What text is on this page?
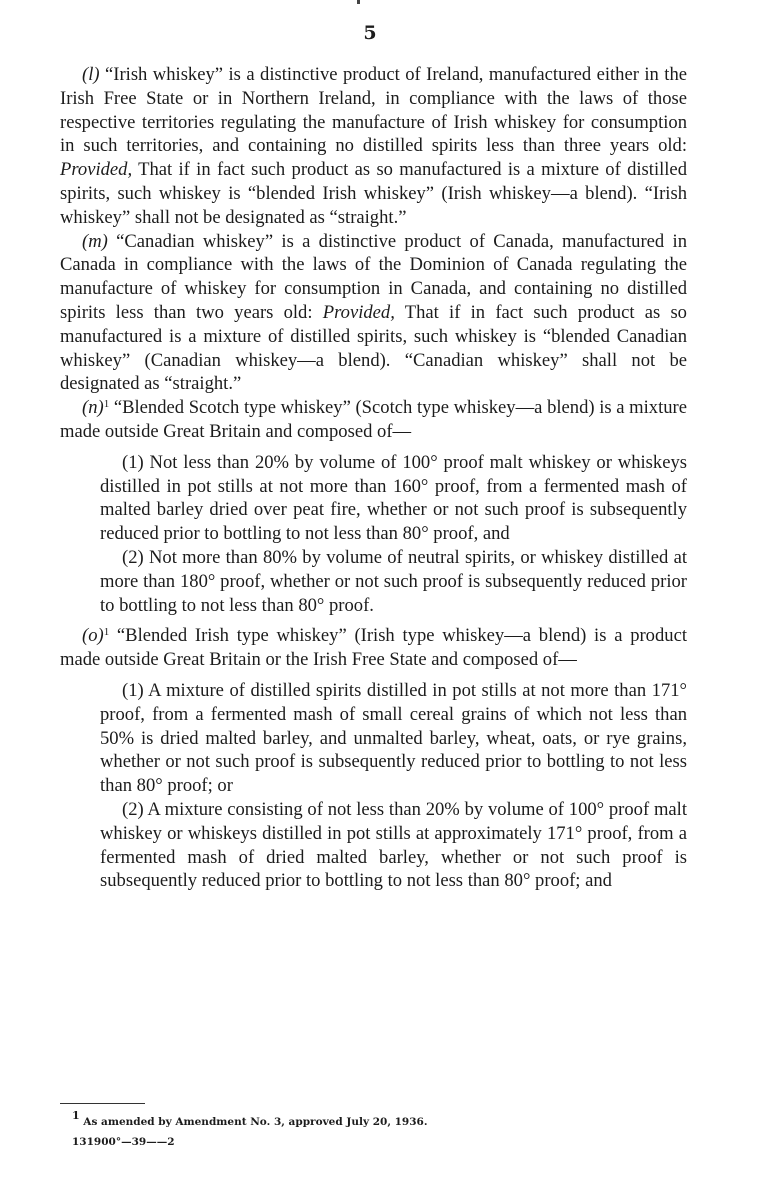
5

(l) “Irish whiskey” is a distinctive product of Ireland, manufactured either in the Irish Free State or in Northern Ireland, in compliance with the laws of those respective territories regulating the manufacture of Irish whiskey for consumption in such territories, and containing no distilled spirits less than three years old: Provided, That if in fact such product as so manufactured is a mixture of distilled spirits, such whiskey is “blended Irish whiskey” (Irish whiskey—a blend). “Irish whiskey” shall not be designated as “straight.”

(m) “Canadian whiskey” is a distinctive product of Canada, manufactured in Canada in compliance with the laws of the Dominion of Canada regulating the manufacture of whiskey for consumption in Canada, and containing no distilled spirits less than two years old: Provided, That if in fact such product as so manufactured is a mixture of distilled spirits, such whiskey is “blended Canadian whiskey” (Canadian whiskey—a blend). “Canadian whiskey” shall not be designated as “straight.”

$(n)^1$ “Blended Scotch type whiskey” (Scotch type whiskey—a blend) is a mixture made outside Great Britain and composed of—

(1) Not less than 20% by volume of 100° proof malt whiskey or whiskeys distilled in pot stills at not more than 160° proof, from a fermented mash of malted barley dried over peat fire, whether or not such proof is subsequently reduced prior to bottling to not less than 80° proof, and

(2) Not more than 80% by volume of neutral spirits, or whiskey distilled at more than 180° proof, whether or not such proof is subsequently reduced prior to bottling to not less than 80° proof.

$(o)^1$ “Blended Irish type whiskey” (Irish type whiskey—a blend) is a product made outside Great Britain or the Irish Free State and composed of—

(1) A mixture of distilled spirits distilled in pot stills at not more than 171° proof, from a fermented mash of small cereal grains of which not less than 50% is dried malted barley, and unmalted barley, wheat, oats, or rye grains, whether or not such proof is subsequently reduced prior to bottling to not less than 80° proof; or

(2) A mixture consisting of not less than 20% by volume of 100° proof malt whiskey or whiskeys distilled in pot stills at approximately 171° proof, from a fermented mash of dried malted barley, whether or not such proof is subsequently reduced prior to bottling to not less than 80° proof; and

$^1$ As amended by Amendment No. 3, approved July 20, 1936.

131900°—39——2
